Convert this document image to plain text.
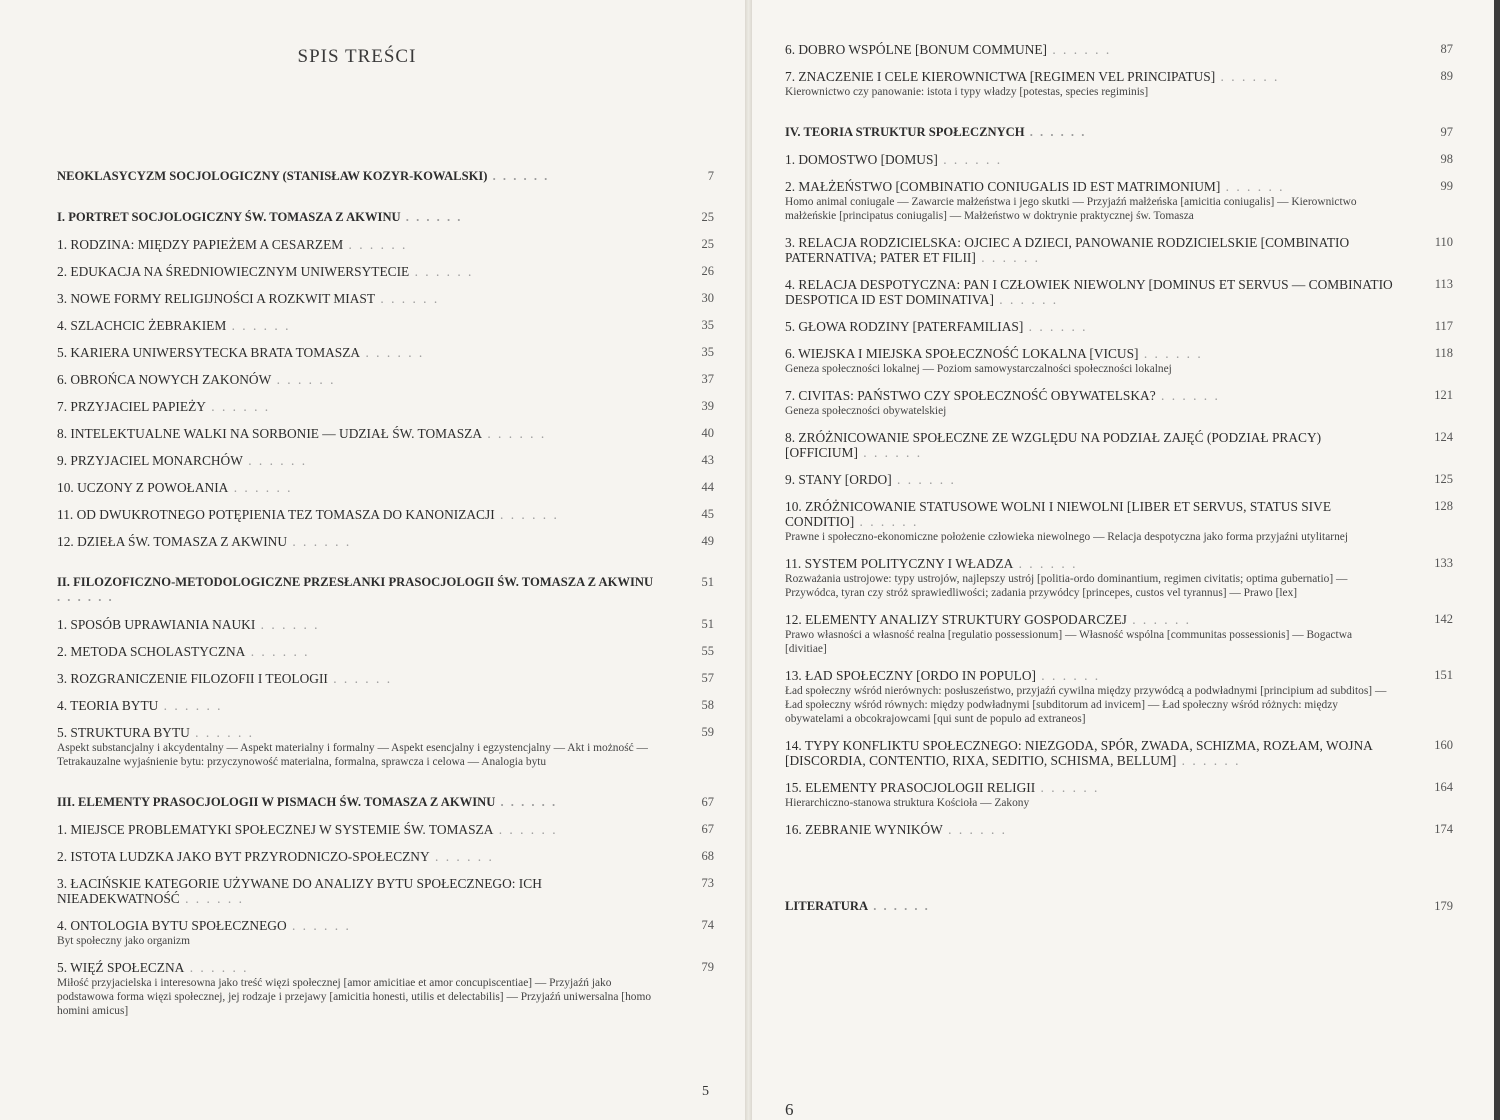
SPIS TREŚCI
NEOKLASYCYZM SOCJOLOGICZNY (STANISŁAW KOZYR-KOWALSKI) . . . . . .	7
I. PORTRET SOCJOLOGICZNY ŚW. TOMASZA Z AKWINU . . . . . .	25
1. RODZINA: MIĘDZY PAPIEŻEM A CESARZEM . . . . . .	25
2. EDUKACJA NA ŚREDNIOWIECZNYM UNIWERSYTECIE . . . . . .	26
3. NOWE FORMY RELIGIJNOŚCI A ROZKWIT MIAST . . . . . .	30
4. SZLACHCIC ŻEBRAKIEM . . . . . .	35
5. KARIERA UNIWERSYTECKA BRATA TOMASZA . . . . . .	35
6. OBROŃCA NOWYCH ZAKONÓW . . . . . .	37
7. PRZYJACIEL PAPIEŻY . . . . . .	39
8. INTELEKTUALNE WALKI NA SORBONIE — UDZIAŁ ŚW. TOMASZA . . . . . .	40
9. PRZYJACIEL MONARCHÓW . . . . . .	43
10. UCZONY Z POWOŁANIA . . . . . .	44
11. OD DWUKROTNEGO POTĘPIENIA TEZ TOMASZA DO KANONIZACJI . . . . . .	45
12. DZIEŁA ŚW. TOMASZA Z AKWINU . . . . . .	49
II. FILOZOFICZNO-METODOLOGICZNE PRZESŁANKI PRASOCJOLOGII ŚW. TOMASZA Z AKWINU . . . . . .
51
1. SPOSÓB UPRAWIANIA NAUKI . . . . . .	51
2. METODA SCHOLASTYCZNA . . . . . .	55
3. ROZGRANICZENIE FILOZOFII I TEOLOGII . . . . . .	57
4. TEORIA BYTU . . . . . .	58
5. STRUKTURA BYTU . . . . . .	59
Aspekt substancjalny i akcydentalny — Aspekt materialny i formalny — Aspekt esencjalny i egzystencjalny — Akt i możność — Tetrakauzalne wyjaśnienie bytu: przyczynowość materialna, formalna, sprawcza i celowa — Analogia bytu
III. ELEMENTY PRASOCJOLOGII W PISMACH ŚW. TOMASZA Z AKWINU . . . . . .	67
1. MIEJSCE PROBLEMATYKI SPOŁECZNEJ W SYSTEMIE ŚW. TOMASZA . . . . . .	67
2. ISTOTA LUDZKA JAKO BYT PRZYRODNICZO-SPOŁECZNY . . . . . .	68
3. ŁACIŃSKIE KATEGORIE UŻYWANE DO ANALIZY BYTU SPOŁECZNEGO: ICH NIEADEKWATNOŚĆ . . . . . .
73
4. ONTOLOGIA BYTU SPOŁECZNEGO . . . . . .	74
Byt społeczny jako organizm
5. WIĘŹ SPOŁECZNA . . . . . .	79
Miłość przyjacielska i interesowna jako treść więzi społecznej [amor amicitiae et amor concupiscentiae] — Przyjaźń jako podstawowa forma więzi społecznej, jej rodzaje i przejawy [amicitia honesti, utilis et delectabilis] — Przyjaźń uniwersalna [homo homini amicus]
5
6. DOBRO WSPÓLNE [BONUM COMMUNE] . . . . . .	87
7. ZNACZENIE I CELE KIEROWNICTWA [REGIMEN VEL PRINCIPATUS] . . . . . .	89
Kierownictwo czy panowanie: istota i typy władzy [potestas, species regiminis]
IV. TEORIA STRUKTUR SPOŁECZNYCH . . . . . .	97
1. DOMOSTWO [DOMUS] . . . . . .	98
2. MAŁŻEŃSTWO [COMBINATIO CONIUGALIS ID EST MATRIMONIUM] . . . . . .	99
Homo animal coniugale — Zawarcie małżeństwa i jego skutki — Przyjaźń małżeńska [amicitia coniugalis] — Kierownictwo małżeńskie [principatus coniugalis] — Małżeństwo w doktrynie praktycznej św. Tomasza
3. RELACJA RODZICIELSKA: OJCIEC A DZIECI, PANOWANIE RODZICIELSKIE [COMBINATIO PATERNATIVA; PATER ET FILII] . . . . . .
110
4. RELACJA DESPOTYCZNA: PAN I CZŁOWIEK NIEWOLNY [DOMINUS ET SERVUS — COMBINATIO DESPOTICA ID EST DOMINATIVA] . . . . . .
113
5. GŁOWA RODZINY [PATERFAMILIAS] . . . . . .	117
6. WIEJSKA I MIEJSKA SPOŁECZNOŚĆ LOKALNA [VICUS] . . . . . .	118
Geneza społeczności lokalnej — Poziom samowystarczalności społeczności lokalnej
7. CIVITAS: PAŃSTWO CZY SPOŁECZNOŚĆ OBYWATELSKA? . . . . . .	121
Geneza społeczności obywatelskiej
8. ZRÓŻNICOWANIE SPOŁECZNE ZE WZGLĘDU NA PODZIAŁ ZAJĘĆ (PODZIAŁ PRACY) [OFFICIUM] . . . . . .
124
9. STANY [ORDO] . . . . . .	125
10. ZRÓŻNICOWANIE STATUSOWE WOLNI I NIEWOLNI [LIBER ET SERVUS, STATUS SIVE CONDITIO] . . . . . .
128
Prawne i społeczno-ekonomiczne położenie człowieka niewolnego — Relacja despotyczna jako forma przyjaźni utylitarnej
11. SYSTEM POLITYCZNY I WŁADZA . . . . . .	133
Rozważania ustrojowe: typy ustrojów, najlepszy ustrój [politia-ordo dominantium, regimen civitatis; optima gubernatio] — Przywódca, tyran czy stróż sprawiedliwości; zadania przywódcy [princepes, custos vel tyrannus] — Prawo [lex]
12. ELEMENTY ANALIZY STRUKTURY GOSPODARCZEJ . . . . . .	142
Prawo własności a własność realna [regulatio possessionum] — Własność wspólna [communitas possessionis] — Bogactwa [divitiae]
13. ŁAD SPOŁECZNY [ORDO IN POPULO] . . . . . .	151
Ład społeczny wśród nierównych: posłuszeństwo, przyjaźń cywilna między przywódcą a podwładnymi [principium ad subditos] — Ład społeczny wśród równych: między podwładnymi [subditorum ad invicem] — Ład społeczny wśród różnych: między obywatelami a obcokrajowcami [qui sunt de populo ad extraneos]
14. TYPY KONFLIKTU SPOŁECZNEGO: NIEZGODA, SPÓR, ZWADA, SCHIZMA, ROZŁAM, WOJNA [DISCORDIA, CONTENTIO, RIXA, SEDITIO, SCHISMA, BELLUM] . . . . . .
160
15. ELEMENTY PRASOCJOLOGII RELIGII . . . . . .	164
Hierarchiczno-stanowa struktura Kościoła — Zakony
16. ZEBRANIE WYNIKÓW . . . . . .	174
LITERATURA . . . . . .	179
6
